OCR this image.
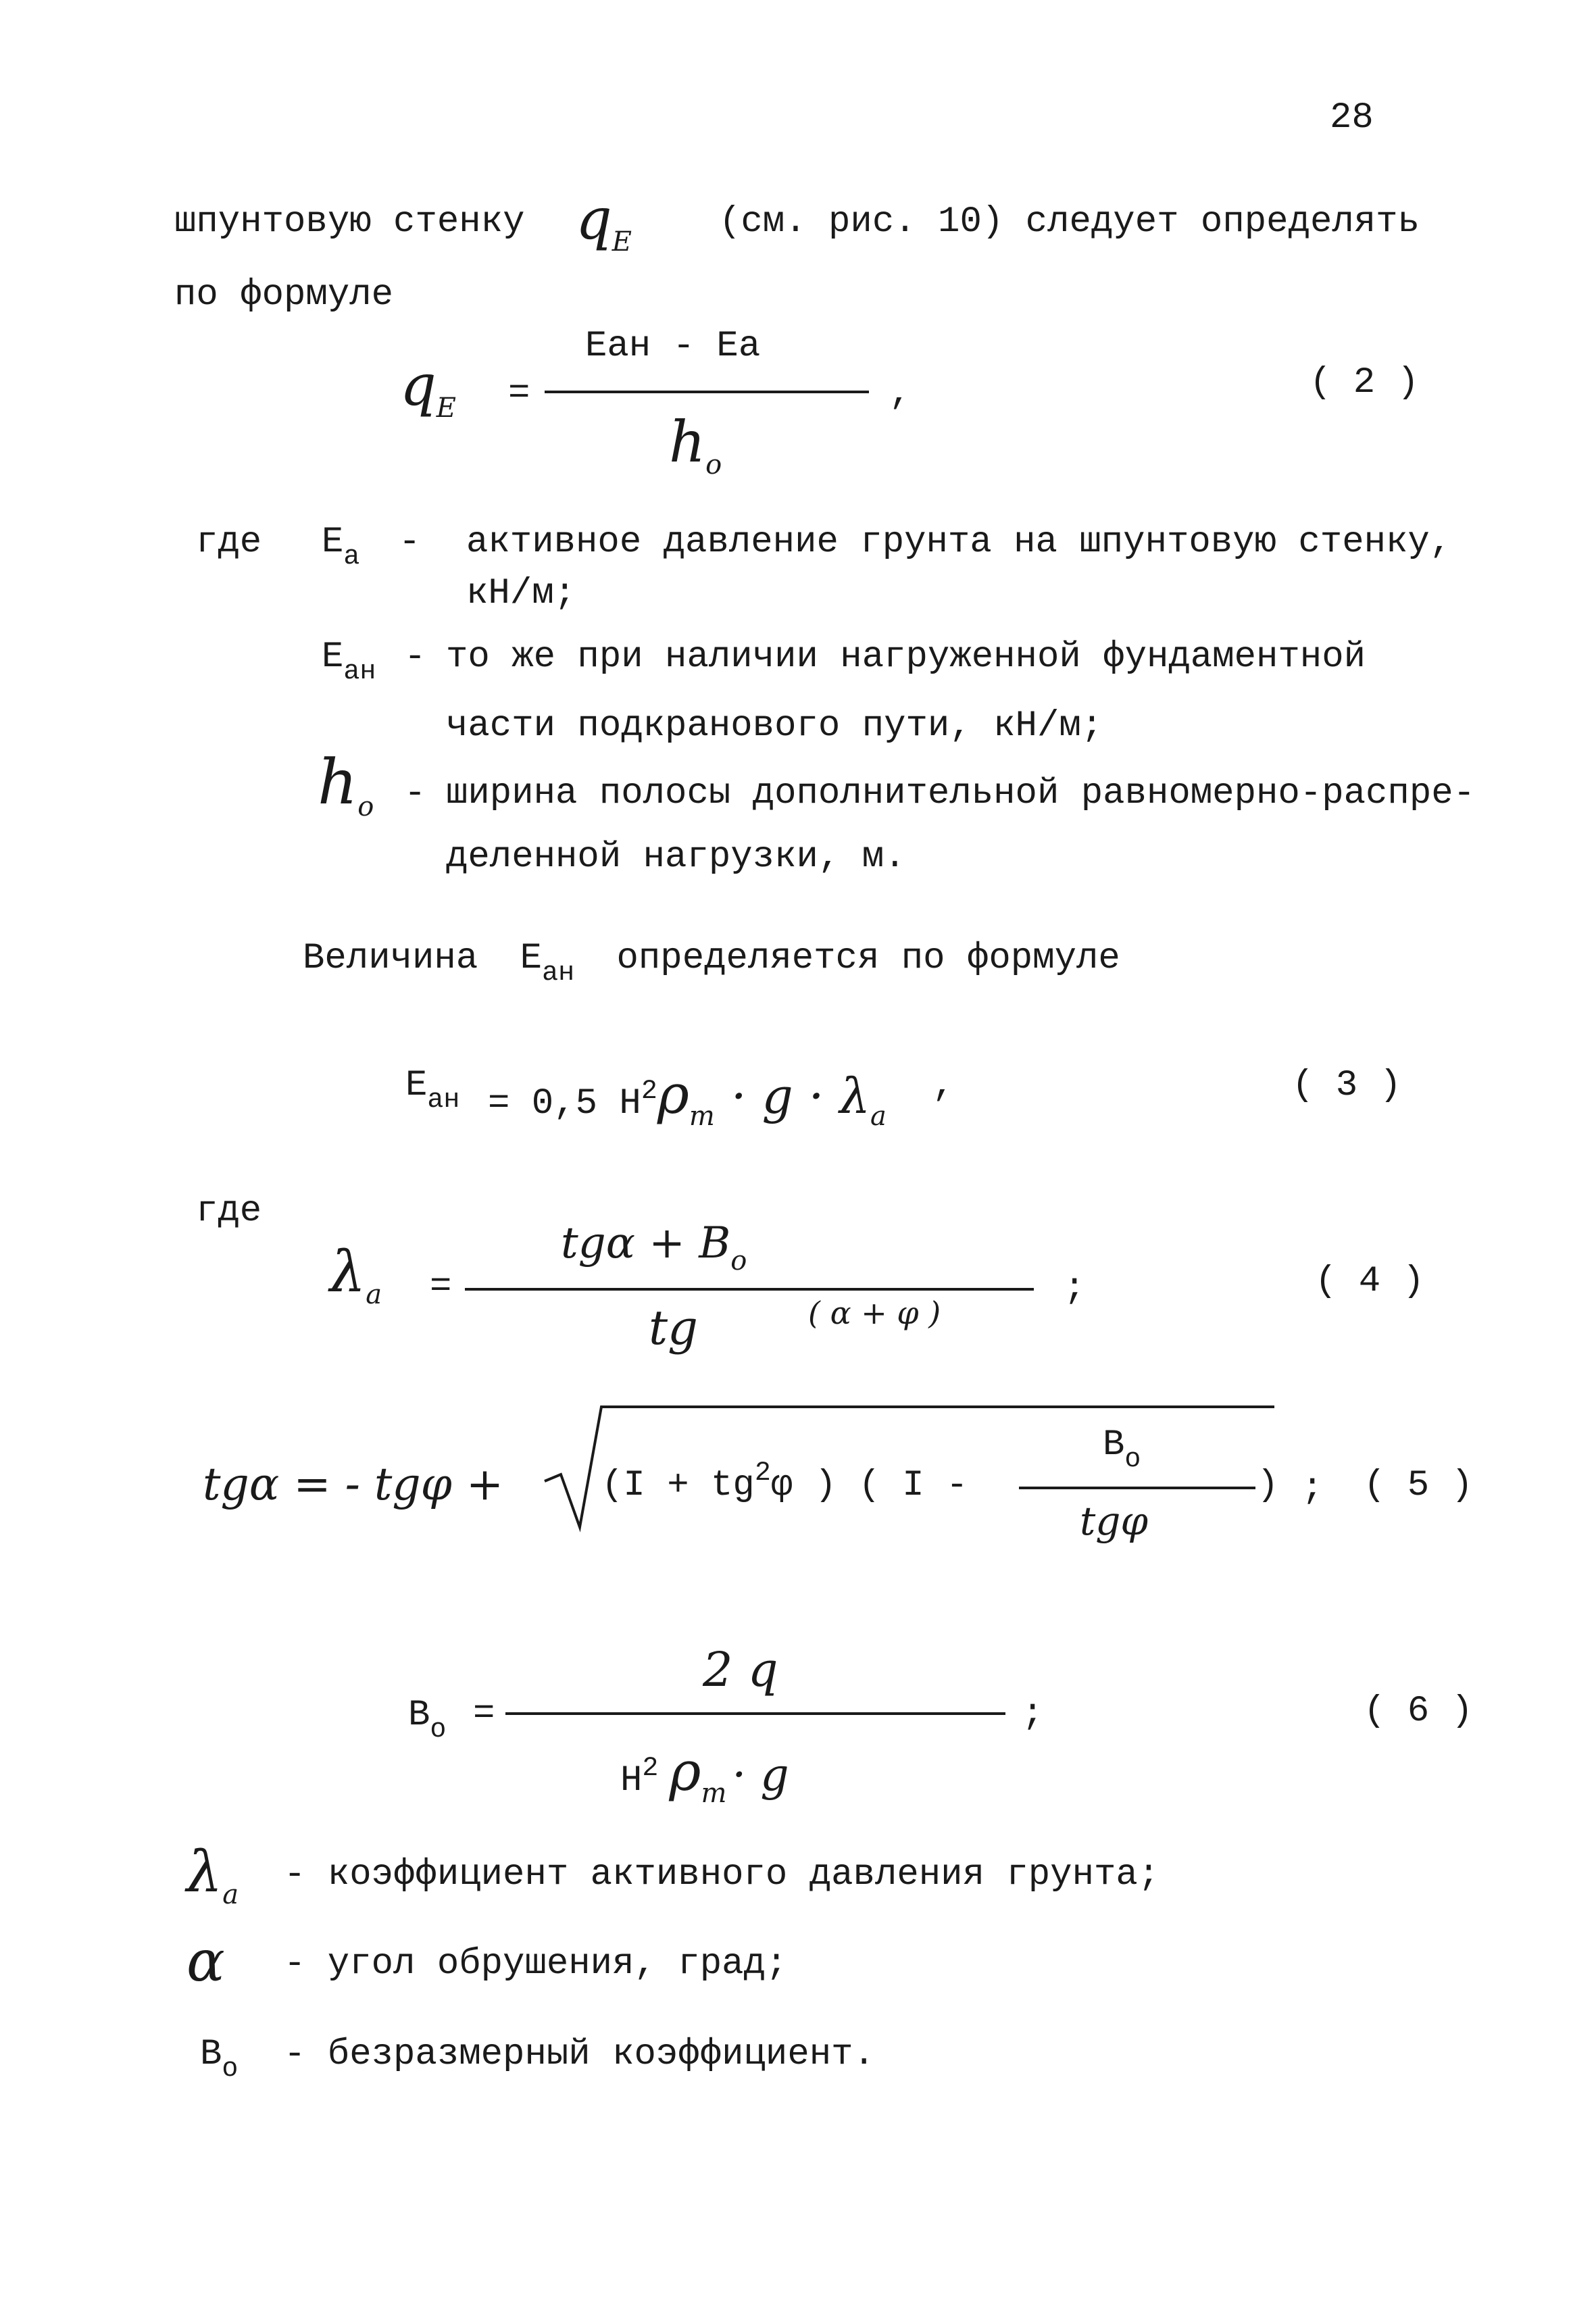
28
шпунтовую стенку $q_E$ (см. рис. 10) следует определять
по формуле
$q_E$ =
Eан - Eа
$h_o$
,	( 2 )
где $E_а$ - активное давление грунта на шпунтовую стенку,
кН/м;
$E_{ан}$ - то же при наличии нагруженной фундаментной
части подкранового пути, кН/м;
ho - ширина полосы дополнительной равномерно-распре-
деленной нагрузки, м.
Величина $E_{ан}$ определяется по формуле
$E_{ан} = 0,5$ $H^2\rho_m \cdot g \cdot \lambda_a$
,	( 3 )
где
$\lambda_a$ =
$tg\alpha + B_o$
tg	( α + φ )
;	( 4 )
tgα = - tgφ +	($I + tg^2\varphi$ ) ( I -
$B_o$
tgφ
) ; ( 5 )
$B_o$ =
2 q
$H^2$ $\rho_m \cdot g$
;	( 6 )
$\lambda_a$ - коэффициент активного давления грунта;
α - угол обрушения, град;
$B_o$ - безразмерный коэффициент.
